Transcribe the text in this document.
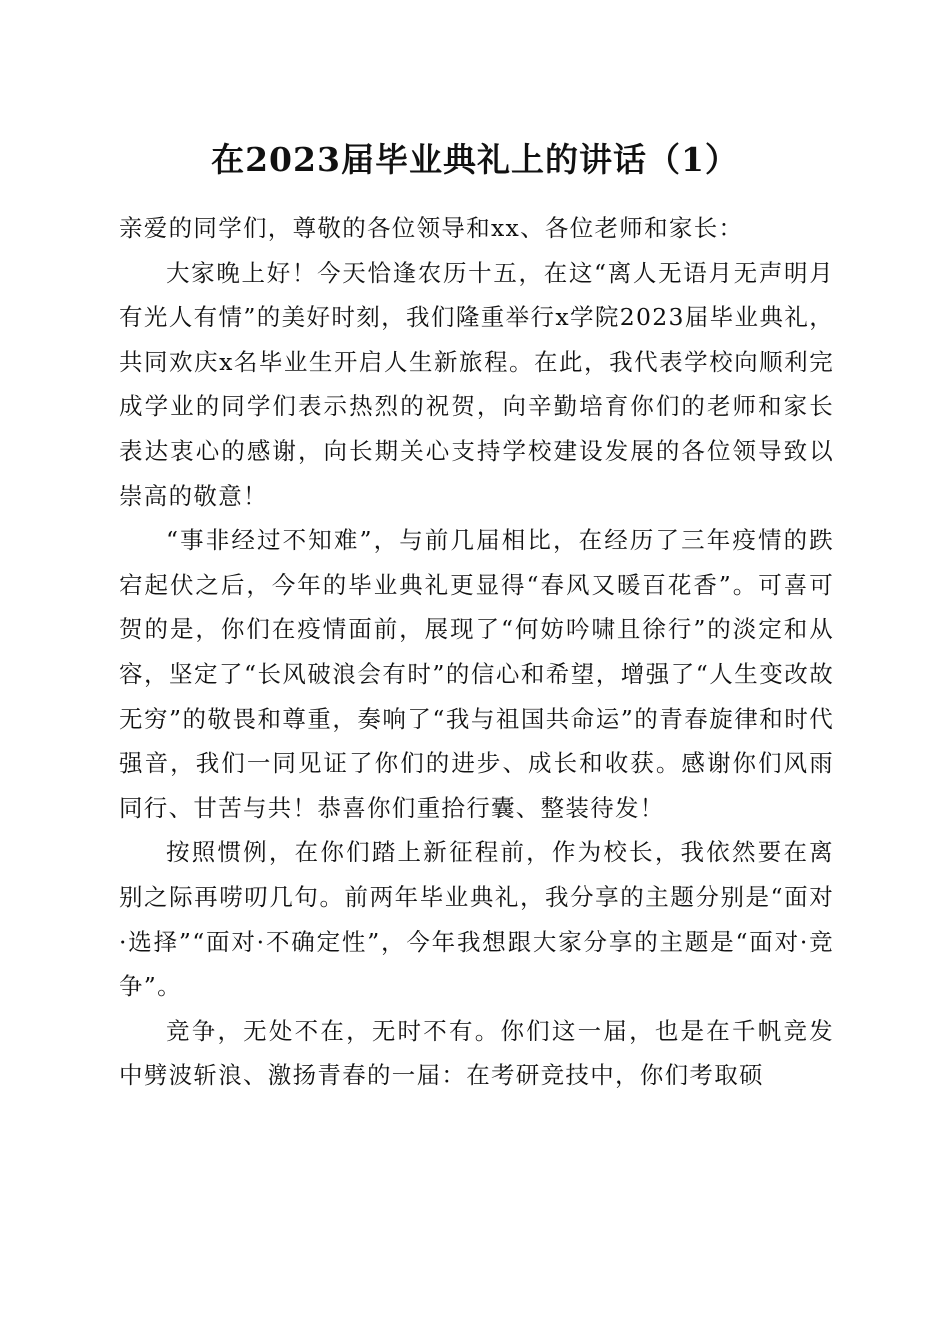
在2023届毕业典礼上的讲话（1）

亲爱的同学们，尊敬的各位领导和xx、各位老师和家长：

大家晚上好！今天恰逢农历十五，在这“离人无语月无声明月有光人有情”的美好时刻，我们隆重举行x学院2023届毕业典礼，共同欢庆x名毕业生开启人生新旅程。在此，我代表学校向顺利完成学业的同学们表示热烈的祝贺，向辛勤培育你们的老师和家长表达衷心的感谢，向长期关心支持学校建设发展的各位领导致以崇高的敬意！

“事非经过不知难”，与前几届相比，在经历了三年疫情的跌宕起伏之后，今年的毕业典礼更显得“春风又暖百花香”。可喜可贺的是，你们在疫情面前，展现了“何妨吟啸且徐行”的淡定和从容，坚定了“长风破浪会有时”的信心和希望，增强了“人生变改故无穷”的敬畏和尊重，奏响了“我与祖国共命运”的青春旋律和时代强音，我们一同见证了你们的进步、成长和收获。感谢你们风雨同行、甘苦与共！恭喜你们重拾行囊、整装待发！

按照惯例，在你们踏上新征程前，作为校长，我依然要在离别之际再唠叨几句。前两年毕业典礼，我分享的主题分别是“面对·选择”“面对·不确定性”，今年我想跟大家分享的主题是“面对·竞争”。

竞争，无处不在，无时不有。你们这一届，也是在千帆竞发中劈波斩浪、激扬青春的一届：在考研竞技中，你们考取硕
